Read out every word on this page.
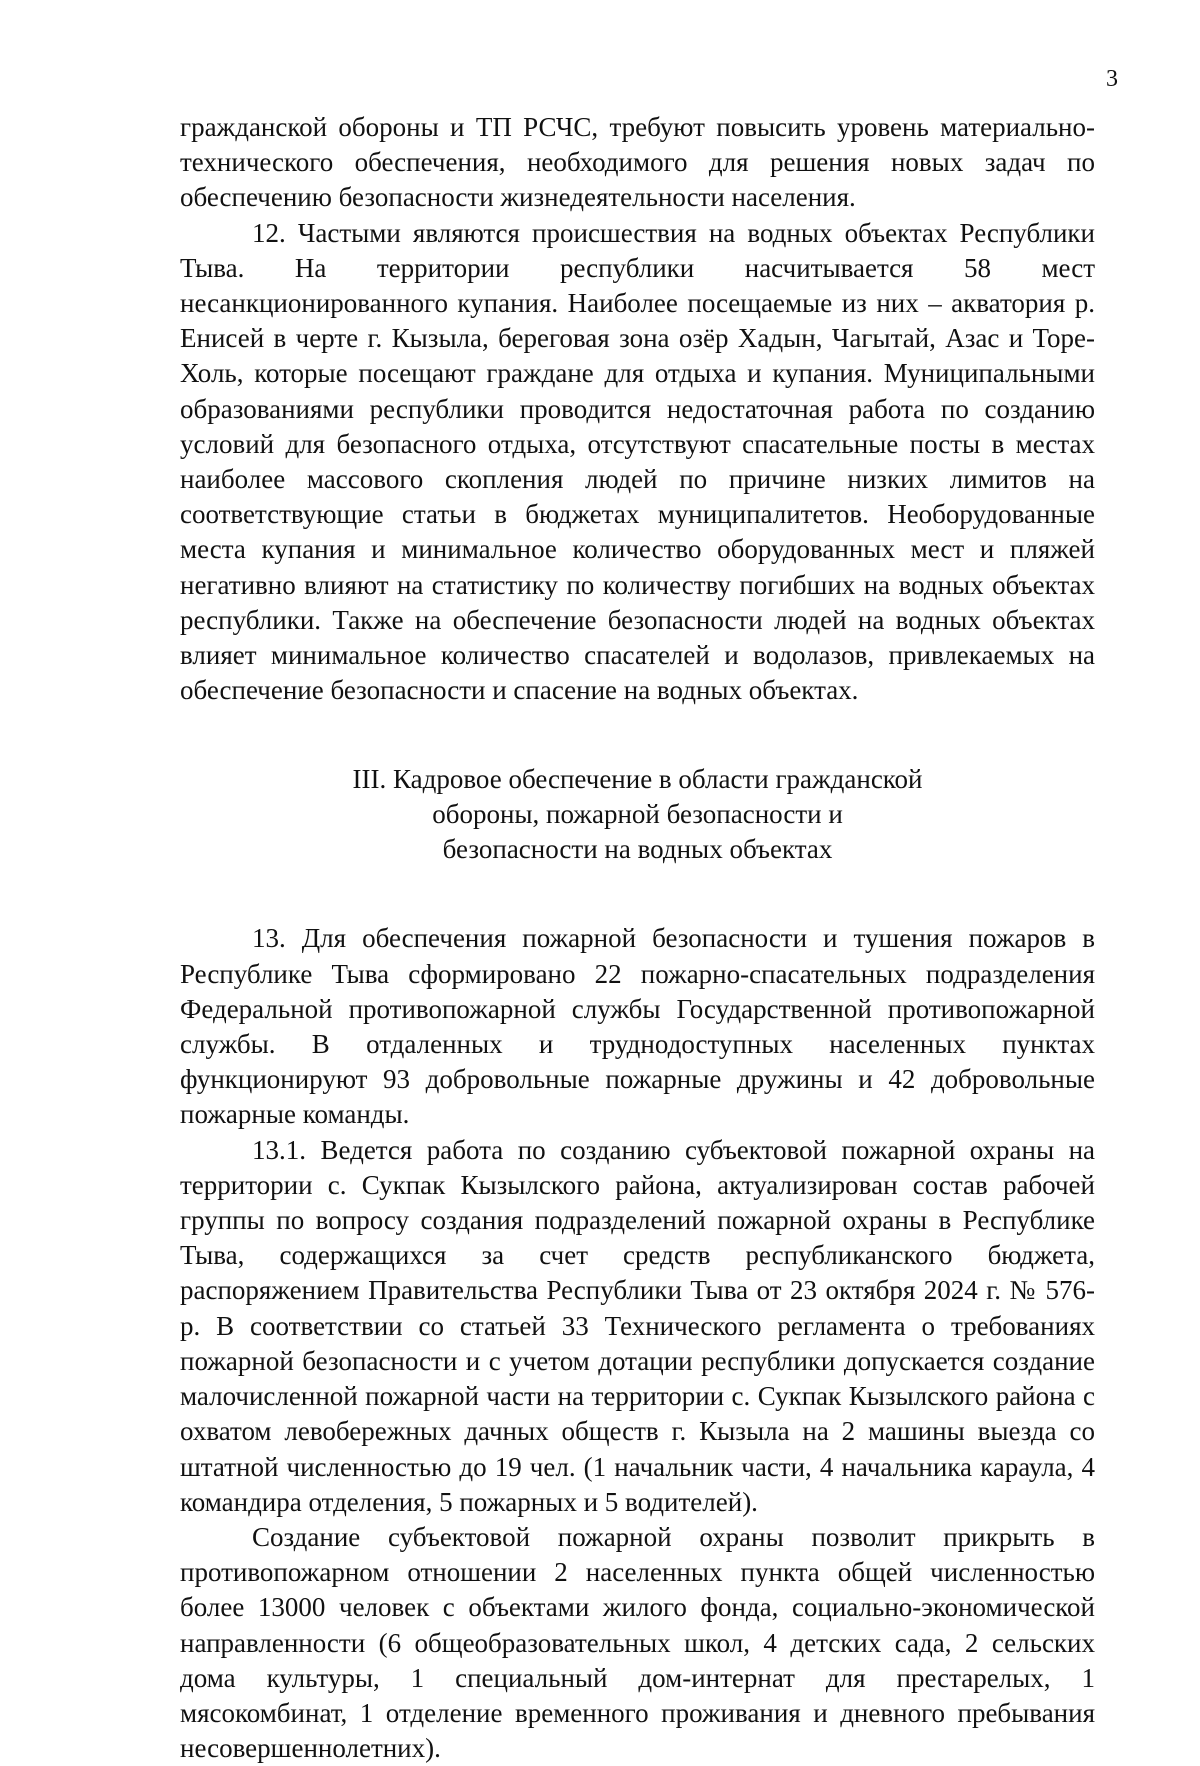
3

гражданской обороны и ТП РСЧС, требуют повысить уровень материально-технического обеспечения, необходимого для решения новых задач по обеспечению безопасности жизнедеятельности населения.

12. Частыми являются происшествия на водных объектах Республики Тыва. На территории республики насчитывается 58 мест несанкционированного купания. Наиболее посещаемые из них – акватория р. Енисей в черте г. Кызыла, береговая зона озёр Хадын, Чагытай, Азас и Торе-Холь, которые посещают граждане для отдыха и купания. Муниципальными образованиями республики проводится недостаточная работа по созданию условий для безопасного отдыха, отсутствуют спасательные посты в местах наиболее массового скопления людей по причине низких лимитов на соответствующие статьи в бюджетах муниципалитетов. Необорудованные места купания и минимальное количество оборудованных мест и пляжей негативно влияют на статистику по количеству погибших на водных объектах республики. Также на обеспечение безопасности людей на водных объектах влияет минимальное количество спасателей и водолазов, привлекаемых на обеспечение безопасности и спасение на водных объектах.

III. Кадровое обеспечение в области гражданской
обороны, пожарной безопасности и
безопасности на водных объектах

13. Для обеспечения пожарной безопасности и тушения пожаров в Республике Тыва сформировано 22 пожарно-спасательных подразделения Федеральной противопожарной службы Государственной противопожарной службы. В отдаленных и труднодоступных населенных пунктах функционируют 93 добровольные пожарные дружины и 42 добровольные пожарные команды.

13.1. Ведется работа по созданию субъектовой пожарной охраны на территории с. Сукпак Кызылского района, актуализирован состав рабочей группы по вопросу создания подразделений пожарной охраны в Республике Тыва, содержащихся за счет средств республиканского бюджета, распоряжением Правительства Республики Тыва от 23 октября 2024 г. № 576-р. В соответствии со статьей 33 Технического регламента о требованиях пожарной безопасности и с учетом дотации республики допускается создание малочисленной пожарной части на территории с. Сукпак Кызылского района с охватом левобережных дачных обществ г. Кызыла на 2 машины выезда со штатной численностью до 19 чел. (1 начальник части, 4 начальника караула, 4 командира отделения, 5 пожарных и 5 водителей).

Создание субъектовой пожарной охраны позволит прикрыть в противопожарном отношении 2 населенных пункта общей численностью более 13000 человек с объектами жилого фонда, социально-экономической направленности (6 общеобразовательных школ, 4 детских сада, 2 сельских дома культуры, 1 специальный дом-интернат для престарелых, 1 мясокомбинат, 1 отделение временного проживания и дневного пребывания несовершеннолетних).
